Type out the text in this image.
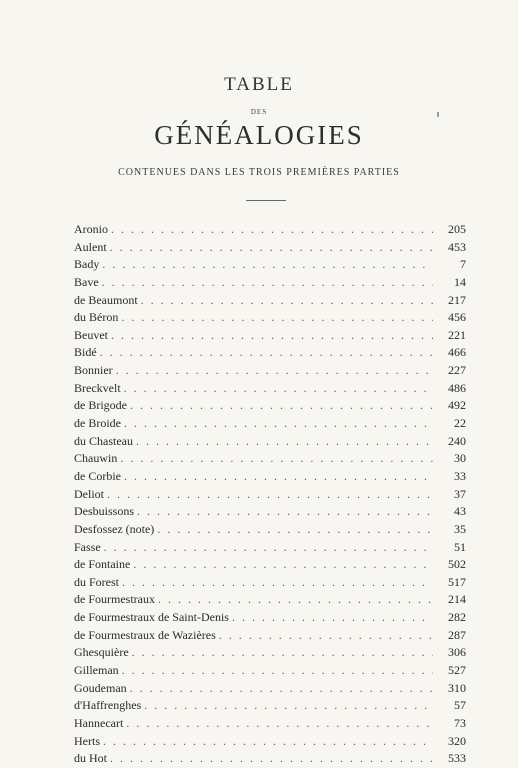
TABLE
DES
GÉNÉALOGIES
CONTENUES DANS LES TROIS PREMIÈRES PARTIES
Aronio . . .	205
Aulent . . .	453
Bady . . .	7
Bave . . .	14
de Beaumont . . .	217
du Béron . . .	456
Beuvet . . .	221
Bidé . . .	466
Bonnier . . .	227
Breckvelt . . .	486
de Brigode . . .	492
de Broide . . .	22
du Chasteau . . .	240
Chauwin . . .	30
de Corbie . . .	33
Deliot . . .	37
Desbuissons . . .	43
Desfossez (note) . . .	35
Fasse . . .	51
de Fontaine . . .	502
du Forest . . .	517
de Fourmestraux . . .	214
de Fourmestraux de Saint-Denis . . .	282
de Fourmestraux de Wazières . . .	287
Ghesquière . . .	306
Gilleman . . .	527
Goudeman . . .	310
d'Haffrenghes . . .	57
Hannecart . . .	73
Herts . . .	320
du Hot . . .	533
